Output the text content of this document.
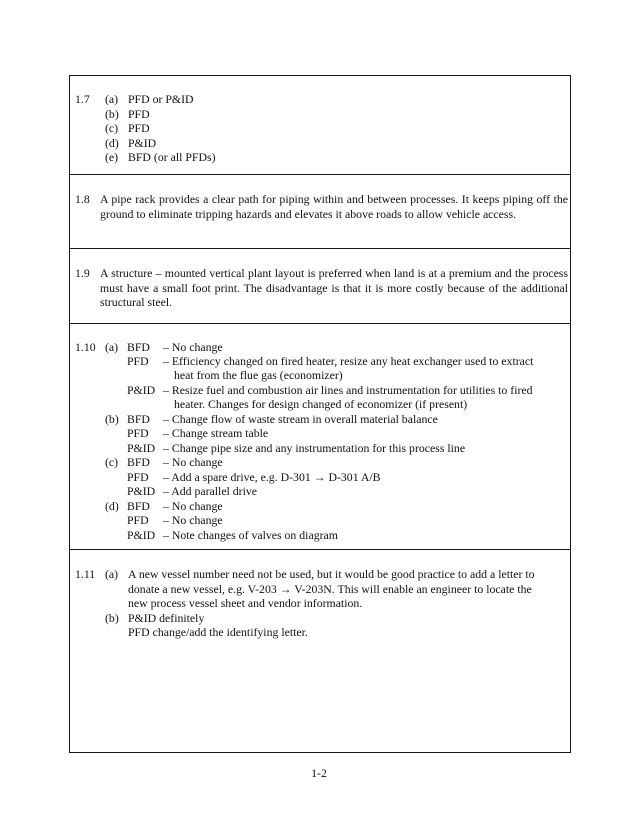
1.7 (a) PFD or P&ID
(b) PFD
(c) PFD
(d) P&ID
(e) BFD (or all PFDs)
1.8 A pipe rack provides a clear path for piping within and between processes. It keeps piping off the ground to eliminate tripping hazards and elevates it above roads to allow vehicle access.
1.9 A structure – mounted vertical plant layout is preferred when land is at a premium and the process must have a small foot print. The disadvantage is that it is more costly because of the additional structural steel.
1.10 (a) BFD – No change
PFD – Efficiency changed on fired heater, resize any heat exchanger used to extract
heat from the flue gas (economizer)
P&ID – Resize fuel and combustion air lines and instrumentation for utilities to fired
heater. Changes for design changed of economizer (if present)
(b) BFD – Change flow of waste stream in overall material balance
PFD – Change stream table
P&ID – Change pipe size and any instrumentation for this process line
(c) BFD – No change
PFD – Add a spare drive, e.g. D-301 → D-301 A/B
P&ID – Add parallel drive
(d) BFD – No change
PFD – No change
P&ID – Note changes of valves on diagram
1.11 (a) A new vessel number need not be used, but it would be good practice to add a letter to
donate a new vessel, e.g. V-203 → V-203N. This will enable an engineer to locate the
new process vessel sheet and vendor information.
(b) P&ID definitely
PFD change/add the identifying letter.
1-2
